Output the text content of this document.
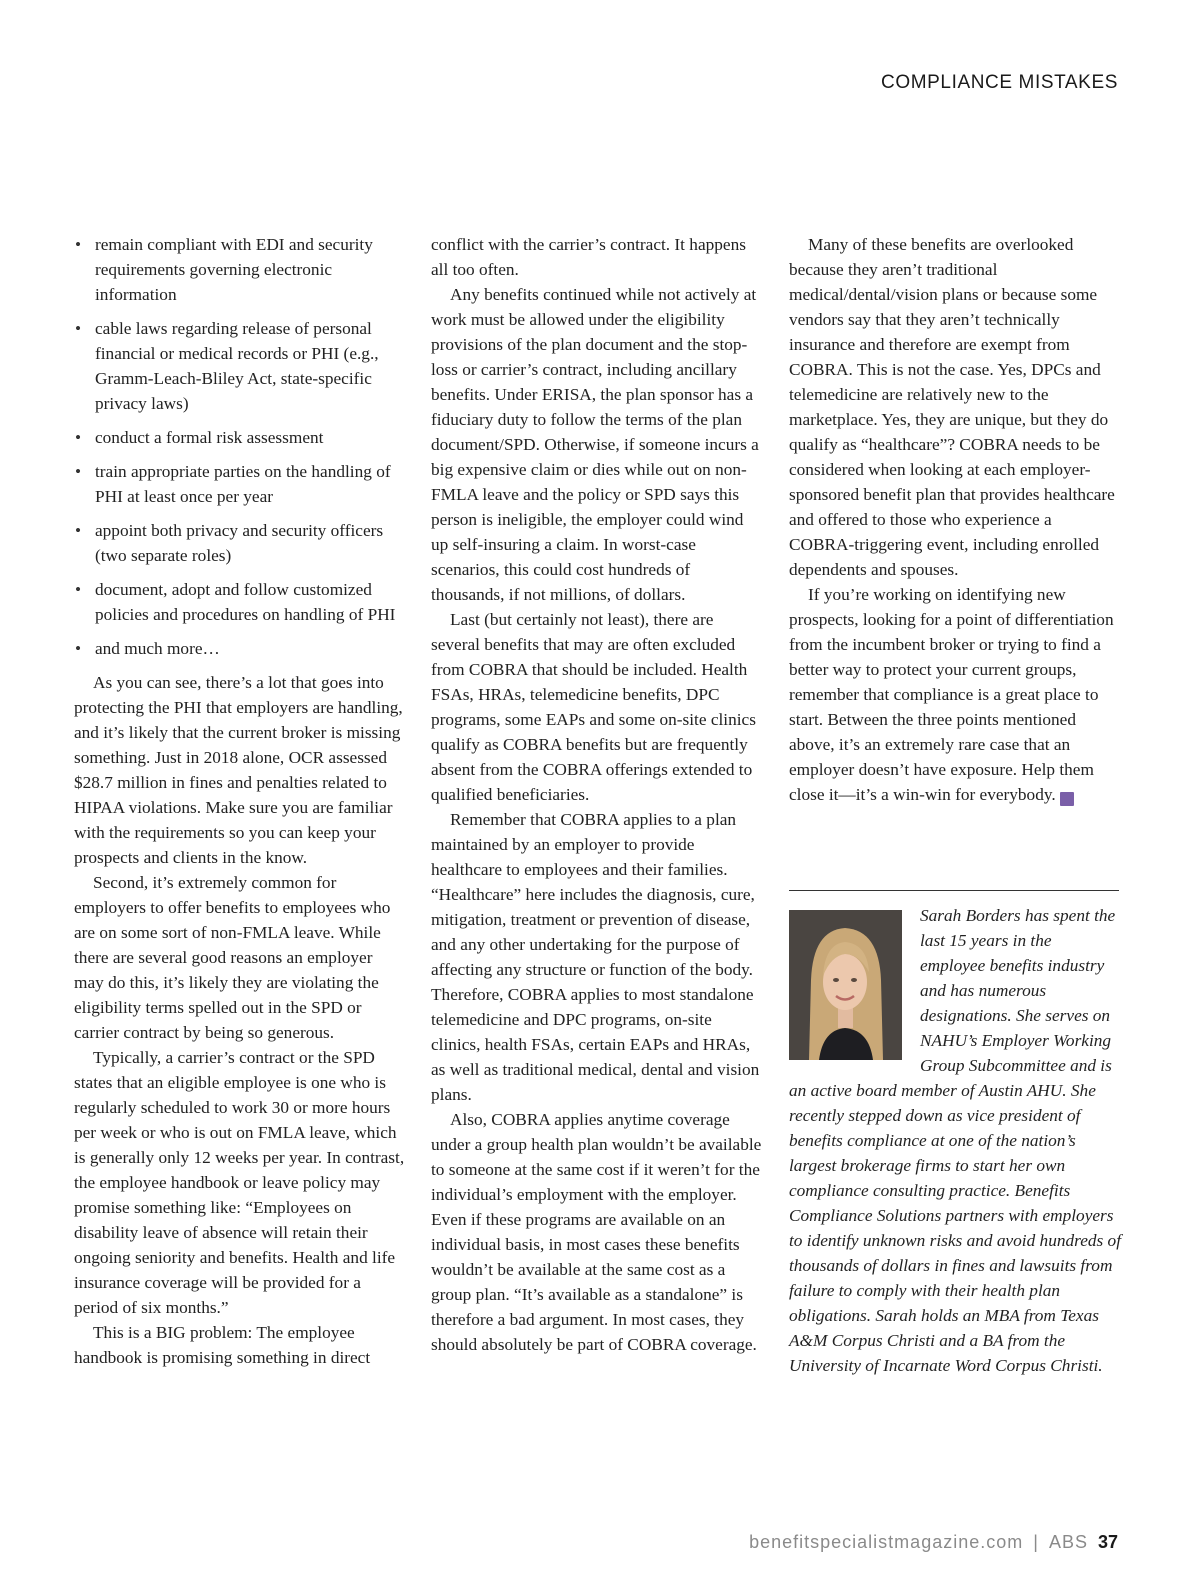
COMPLIANCE MISTAKES
• remain compliant with EDI and security requirements governing electronic information
• cable laws regarding release of personal financial or medical records or PHI (e.g., Gramm-Leach-Bliley Act, state-specific privacy laws)
• conduct a formal risk assessment
• train appropriate parties on the handling of PHI at least once per year
• appoint both privacy and security officers (two separate roles)
• document, adopt and follow customized policies and procedures on handling of PHI
• and much more…

As you can see, there’s a lot that goes into protecting the PHI that employers are handling, and it’s likely that the current broker is missing something. Just in 2018 alone, OCR assessed $28.7 million in fines and penalties related to HIPAA violations. Make sure you are familiar with the requirements so you can keep your prospects and clients in the know.

Second, it’s extremely common for employers to offer benefits to employees who are on some sort of non-FMLA leave. While there are several good reasons an employer may do this, it’s likely they are violating the eligibility terms spelled out in the SPD or carrier contract by being so generous.

Typically, a carrier’s contract or the SPD states that an eligible employee is one who is regularly scheduled to work 30 or more hours per week or who is out on FMLA leave, which is generally only 12 weeks per year. In contrast, the employee handbook or leave policy may promise something like: “Employees on disability leave of absence will retain their ongoing seniority and benefits. Health and life insurance coverage will be provided for a period of six months.”

This is a BIG problem: The employee handbook is promising something in direct

conflict with the carrier’s contract. It happens all too often.

Any benefits continued while not actively at work must be allowed under the eligibility provisions of the plan document and the stop-loss or carrier’s contract, including ancillary benefits. Under ERISA, the plan sponsor has a fiduciary duty to follow the terms of the plan document/SPD. Otherwise, if someone incurs a big expensive claim or dies while out on non-FMLA leave and the policy or SPD says this person is ineligible, the employer could wind up self-insuring a claim. In worst-case scenarios, this could cost hundreds of thousands, if not millions, of dollars.

Last (but certainly not least), there are several benefits that may are often excluded from COBRA that should be included. Health FSAs, HRAs, telemedicine benefits, DPC programs, some EAPs and some on-site clinics qualify as COBRA benefits but are frequently absent from the COBRA offerings extended to qualified beneficiaries.

Remember that COBRA applies to a plan maintained by an employer to provide healthcare to employees and their families. “Healthcare” here includes the diagnosis, cure, mitigation, treatment or prevention of disease, and any other undertaking for the purpose of affecting any structure or function of the body. Therefore, COBRA applies to most standalone telemedicine and DPC programs, on-site clinics, health FSAs, certain EAPs and HRAs, as well as traditional medical, dental and vision plans.

Also, COBRA applies anytime coverage under a group health plan wouldn’t be available to someone at the same cost if it weren’t for the individual’s employment with the employer. Even if these programs are available on an individual basis, in most cases these benefits wouldn’t be available at the same cost as a group plan. “It’s available as a standalone” is therefore a bad argument. In most cases, they should absolutely be part of COBRA coverage.

Many of these benefits are overlooked because they aren’t traditional medical/dental/vision plans or because some vendors say that they aren’t technically insurance and therefore are exempt from COBRA. This is not the case. Yes, DPCs and telemedicine are relatively new to the marketplace. Yes, they are unique, but they do qualify as “healthcare”? COBRA needs to be considered when looking at each employer-sponsored benefit plan that provides healthcare and offered to those who experience a COBRA-triggering event, including enrolled dependents and spouses.

If you’re working on identifying new prospects, looking for a point of differentiation from the incumbent broker or trying to find a better way to protect your current groups, remember that compliance is a great place to start. Between the three points mentioned above, it’s an extremely rare case that an employer doesn’t have exposure. Help them close it—it’s a win-win for everybody. ▲

Sarah Borders has spent the last 15 years in the employee benefits industry and has numerous designations. She serves on NAHU’s Employer Working Group Subcommittee and is an active board member of Austin AHU. She recently stepped down as vice president of benefits compliance at one of the nation’s largest brokerage firms to start her own compliance consulting practice. Benefits Compliance Solutions partners with employers to identify unknown risks and avoid hundreds of thousands of dollars in fines and lawsuits from failure to comply with their health plan obligations. Sarah holds an MBA from Texas A&M Corpus Christi and a BA from the University of Incarnate Word Corpus Christi.
benefitspecialistmagazine.com | ABS 37
